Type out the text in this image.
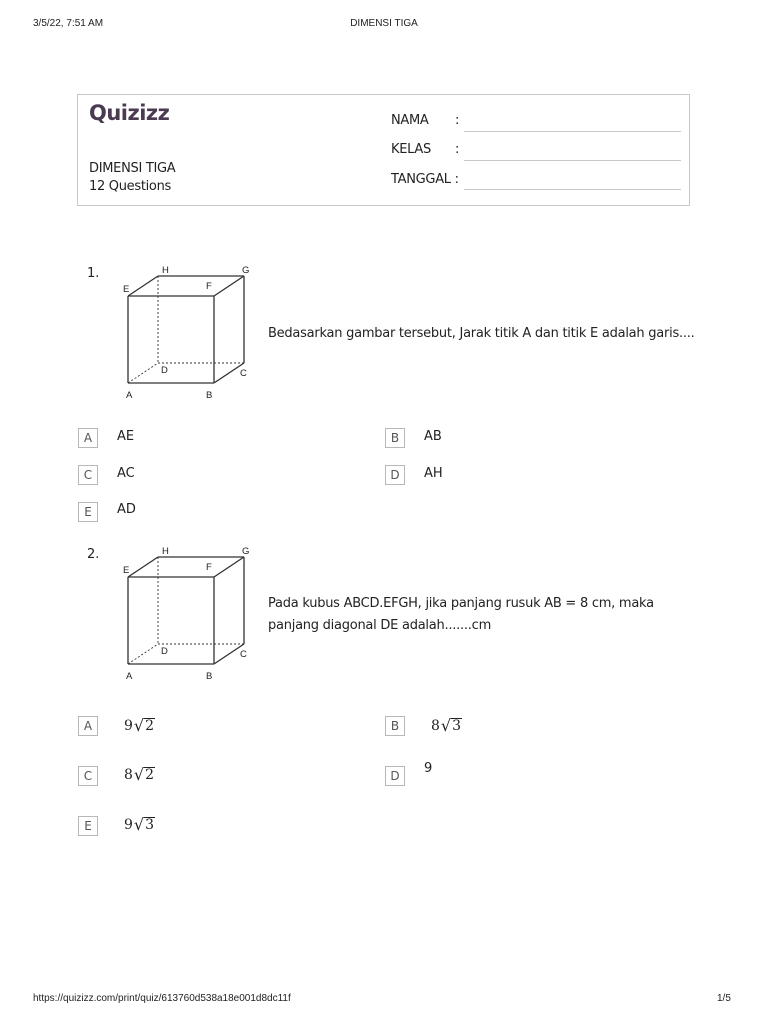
3/5/22, 7:51 AM	DIMENSI TIGA
Quizizz
DIMENSI TIGA
12 Questions
NAMA :
KELAS :
TANGGAL :
1.
A	B
C
D
E	F
G
H
Bedasarkan gambar tersebut, Jarak titik A dan titik E adalah garis....
A	AE	B	AB
C	AC	D	AH
E	AD
2.
A	B
C
D
E	F
G
H
Pada kubus ABCD.EFGH, jika panjang rusuk AB = 8 cm, maka
panjang diagonal DE adalah.......cm
A	9 √ 2	B	8 √ 3
C	8 √ 2	D	9
E	9 √ 3
https://quizizz.com/print/quiz/613760d538a18e001d8dc11f	1/5
